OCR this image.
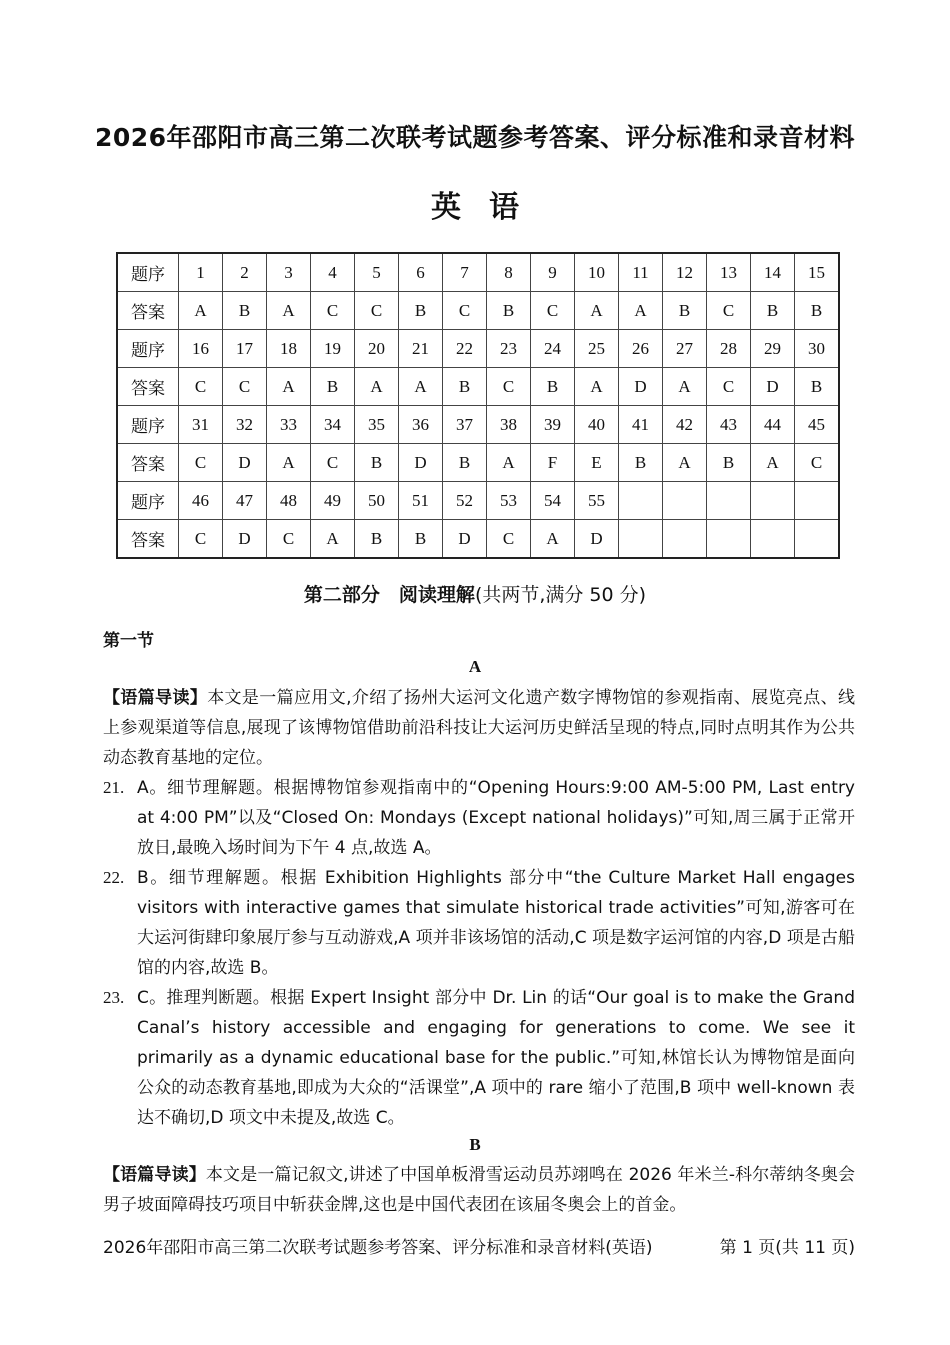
2026年邵阳市高三第二次联考试题参考答案、评分标准和录音材料
英语
题序	1	2	3	4	5	6	7	8	9	10	11	12	13	14	15
答案	A	B	A	C	C	B	C	B	C	A	A	B	C	B	B
题序	16	17	18	19	20	21	22	23	24	25	26	27	28	29	30
答案	C	C	A	B	A	A	B	C	B	A	D	A	C	D	B
题序	31	32	33	34	35	36	37	38	39	40	41	42	43	44	45
答案	C	D	A	C	B	D	B	A	F	E	B	A	B	A	C
题序	46	47	48	49	50	51	52	53	54	55					
答案	C	D	C	A	B	B	D	C	A	D					
第二部分　阅读理解(共两节,满分 50 分)
第一节
A
【语篇导读】本文是一篇应用文,介绍了扬州大运河文化遗产数字博物馆的参观指南、展览亮点、线上参观渠道等信息,展现了该博物馆借助前沿科技让大运河历史鲜活呈现的特点,同时点明其作为公共动态教育基地的定位。
21. A。细节理解题。根据博物馆参观指南中的“Opening Hours:9:00 AM-5:00 PM, Last entry at 4:00 PM”以及“Closed On: Mondays (Except national holidays)”可知,周三属于正常开放日,最晚入场时间为下午 4 点,故选 A。
22. B。细节理解题。根据 Exhibition Highlights 部分中“the Culture Market Hall engages visitors with interactive games that simulate historical trade activities”可知,游客可在大运河街肆印象展厅参与互动游戏,A 项并非该场馆的活动,C 项是数字运河馆的内容,D 项是古船馆的内容,故选 B。
23. C。推理判断题。根据 Expert Insight 部分中 Dr. Lin 的话“Our goal is to make the Grand Canal’s history accessible and engaging for generations to come. We see it primarily as a dynamic educational base for the public.”可知,林馆长认为博物馆是面向公众的动态教育基地,即成为大众的“活课堂”,A 项中的 rare 缩小了范围,B 项中 well-known 表达不确切,D 项文中未提及,故选 C。
B
【语篇导读】本文是一篇记叙文,讲述了中国单板滑雪运动员苏翊鸣在 2026 年米兰-科尔蒂纳冬奥会男子坡面障碍技巧项目中斩获金牌,这也是中国代表团在该届冬奥会上的首金。
2026年邵阳市高三第二次联考试题参考答案、评分标准和录音材料(英语)	第 1 页(共 11 页)
